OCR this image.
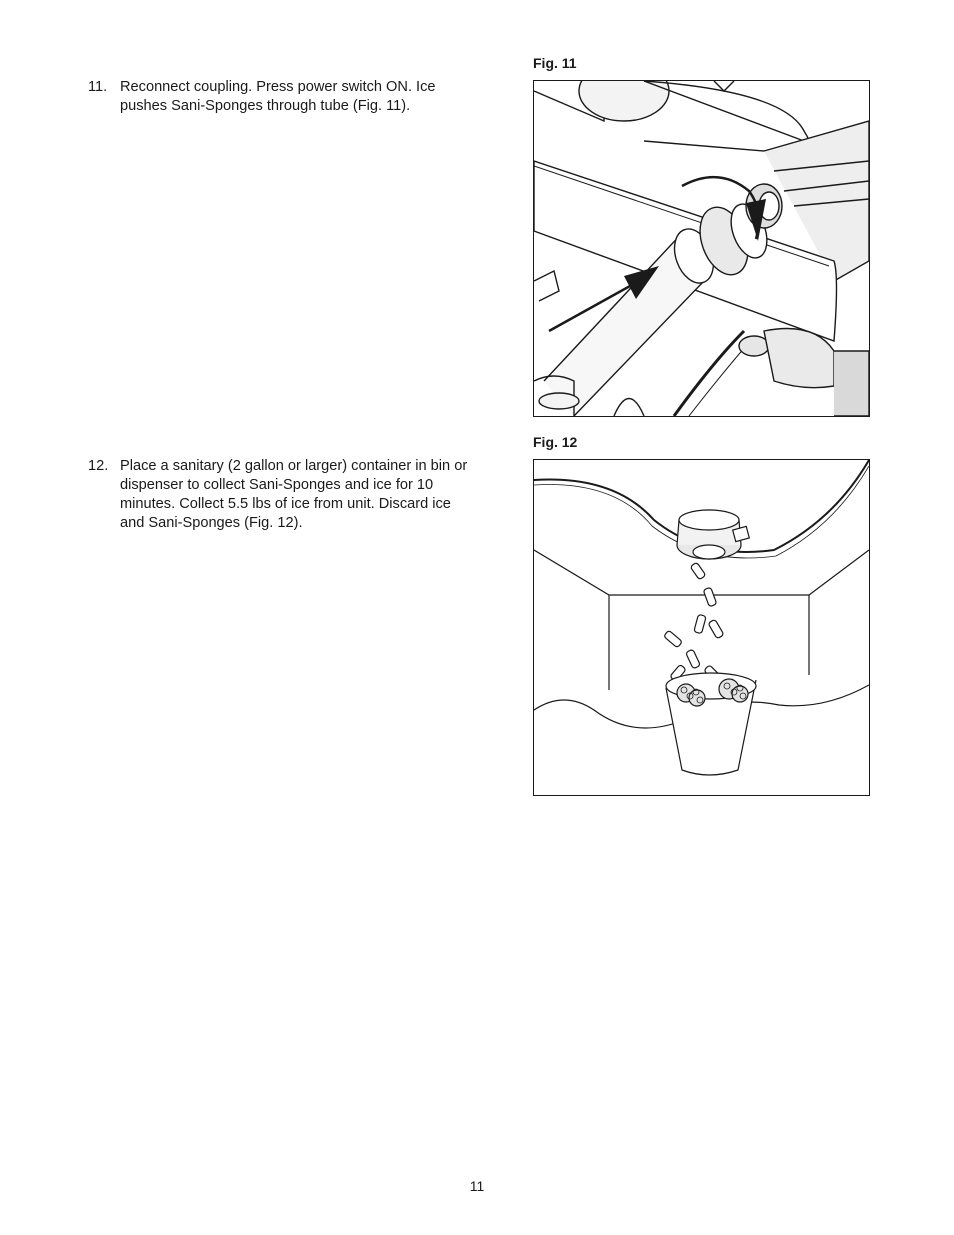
11. Reconnect coupling. Press power switch ON. Ice pushes Sani-Sponges through tube (Fig. 11).
12. Place a sanitary (2 gallon or larger) container in bin or dispenser to collect Sani-Sponges and ice for 10 minutes. Collect 5.5 lbs of ice from unit. Discard ice and Sani-Sponges (Fig. 12).
Fig. 11
Fig. 12
11
